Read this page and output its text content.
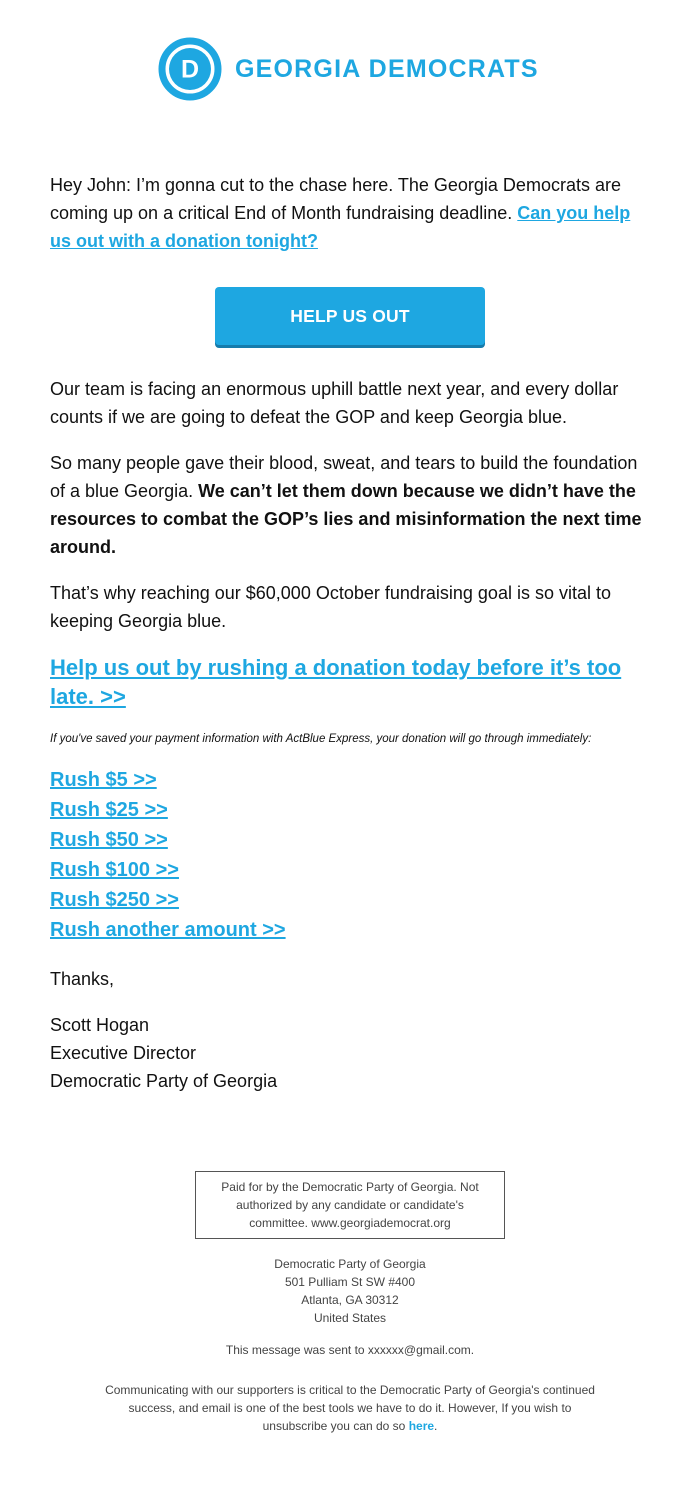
D GEORGIA DEMOCRATS

Hey John: I’m gonna cut to the chase here. The Georgia Democrats are coming up on a critical End of Month fundraising deadline. Can you help us out with a donation tonight?

HELP US OUT

Our team is facing an enormous uphill battle next year, and every dollar counts if we are going to defeat the GOP and keep Georgia blue.

So many people gave their blood, sweat, and tears to build the foundation of a blue Georgia. We can’t let them down because we didn’t have the resources to combat the GOP’s lies and misinformation the next time around.

That’s why reaching our $60,000 October fundraising goal is so vital to keeping Georgia blue.

Help us out by rushing a donation today before it’s too late. >>

If you've saved your payment information with ActBlue Express, your donation will go through immediately:

Rush $5 >>
Rush $25 >>
Rush $50 >>
Rush $100 >>
Rush $250 >>
Rush another amount >>

Thanks,

Scott Hogan

Executive Director

Democratic Party of Georgia

Paid for by the Democratic Party of Georgia. Not authorized by any candidate or candidate's committee. www.georgiademocrat.org
Democratic Party of Georgia
501 Pulliam St SW #400
Atlanta, GA 30312
United States
This message was sent to xxxxxx@gmail.com.
Communicating with our supporters is critical to the Democratic Party of Georgia's continued success, and email is one of the best tools we have to do it. However, If you wish to unsubscribe you can do so here.
